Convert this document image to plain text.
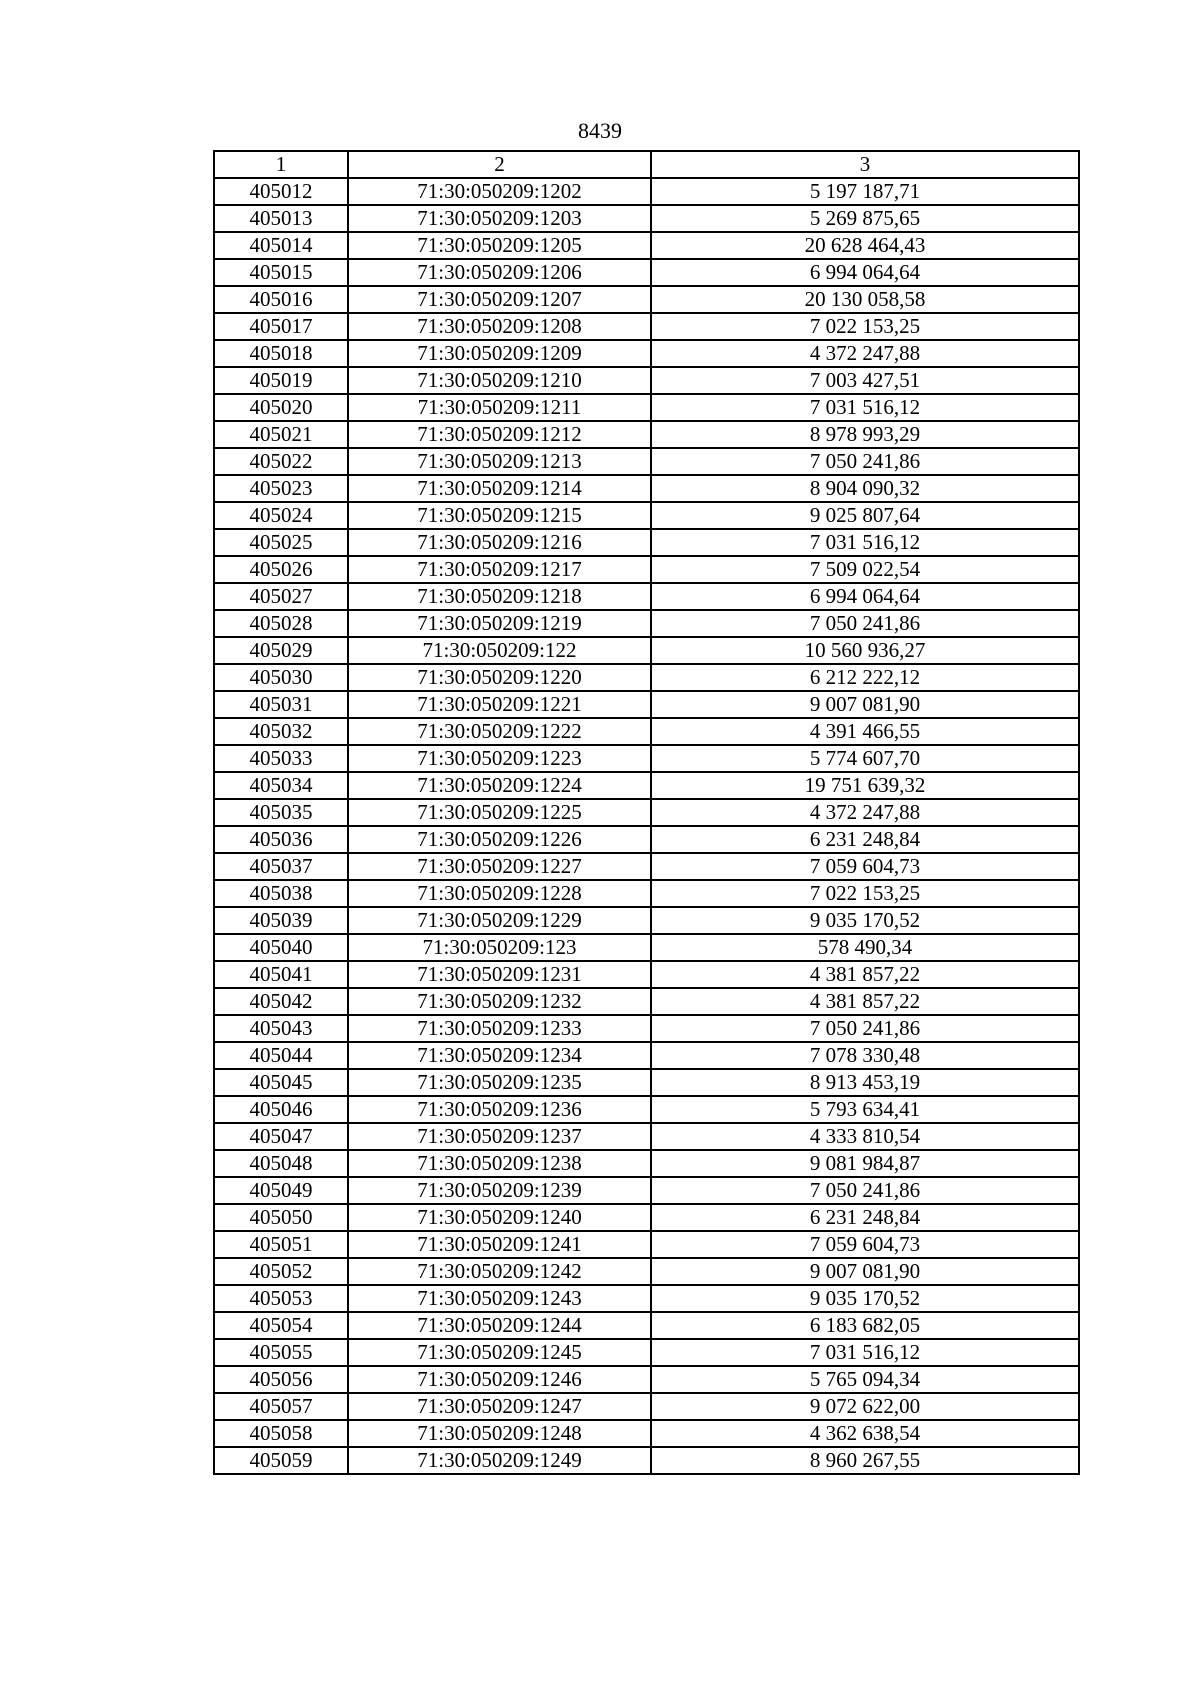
8439
1	2	3
405012	71:30:050209:1202	5 197 187,71
405013	71:30:050209:1203	5 269 875,65
405014	71:30:050209:1205	20 628 464,43
405015	71:30:050209:1206	6 994 064,64
405016	71:30:050209:1207	20 130 058,58
405017	71:30:050209:1208	7 022 153,25
405018	71:30:050209:1209	4 372 247,88
405019	71:30:050209:1210	7 003 427,51
405020	71:30:050209:1211	7 031 516,12
405021	71:30:050209:1212	8 978 993,29
405022	71:30:050209:1213	7 050 241,86
405023	71:30:050209:1214	8 904 090,32
405024	71:30:050209:1215	9 025 807,64
405025	71:30:050209:1216	7 031 516,12
405026	71:30:050209:1217	7 509 022,54
405027	71:30:050209:1218	6 994 064,64
405028	71:30:050209:1219	7 050 241,86
405029	71:30:050209:122	10 560 936,27
405030	71:30:050209:1220	6 212 222,12
405031	71:30:050209:1221	9 007 081,90
405032	71:30:050209:1222	4 391 466,55
405033	71:30:050209:1223	5 774 607,70
405034	71:30:050209:1224	19 751 639,32
405035	71:30:050209:1225	4 372 247,88
405036	71:30:050209:1226	6 231 248,84
405037	71:30:050209:1227	7 059 604,73
405038	71:30:050209:1228	7 022 153,25
405039	71:30:050209:1229	9 035 170,52
405040	71:30:050209:123	578 490,34
405041	71:30:050209:1231	4 381 857,22
405042	71:30:050209:1232	4 381 857,22
405043	71:30:050209:1233	7 050 241,86
405044	71:30:050209:1234	7 078 330,48
405045	71:30:050209:1235	8 913 453,19
405046	71:30:050209:1236	5 793 634,41
405047	71:30:050209:1237	4 333 810,54
405048	71:30:050209:1238	9 081 984,87
405049	71:30:050209:1239	7 050 241,86
405050	71:30:050209:1240	6 231 248,84
405051	71:30:050209:1241	7 059 604,73
405052	71:30:050209:1242	9 007 081,90
405053	71:30:050209:1243	9 035 170,52
405054	71:30:050209:1244	6 183 682,05
405055	71:30:050209:1245	7 031 516,12
405056	71:30:050209:1246	5 765 094,34
405057	71:30:050209:1247	9 072 622,00
405058	71:30:050209:1248	4 362 638,54
405059	71:30:050209:1249	8 960 267,55
